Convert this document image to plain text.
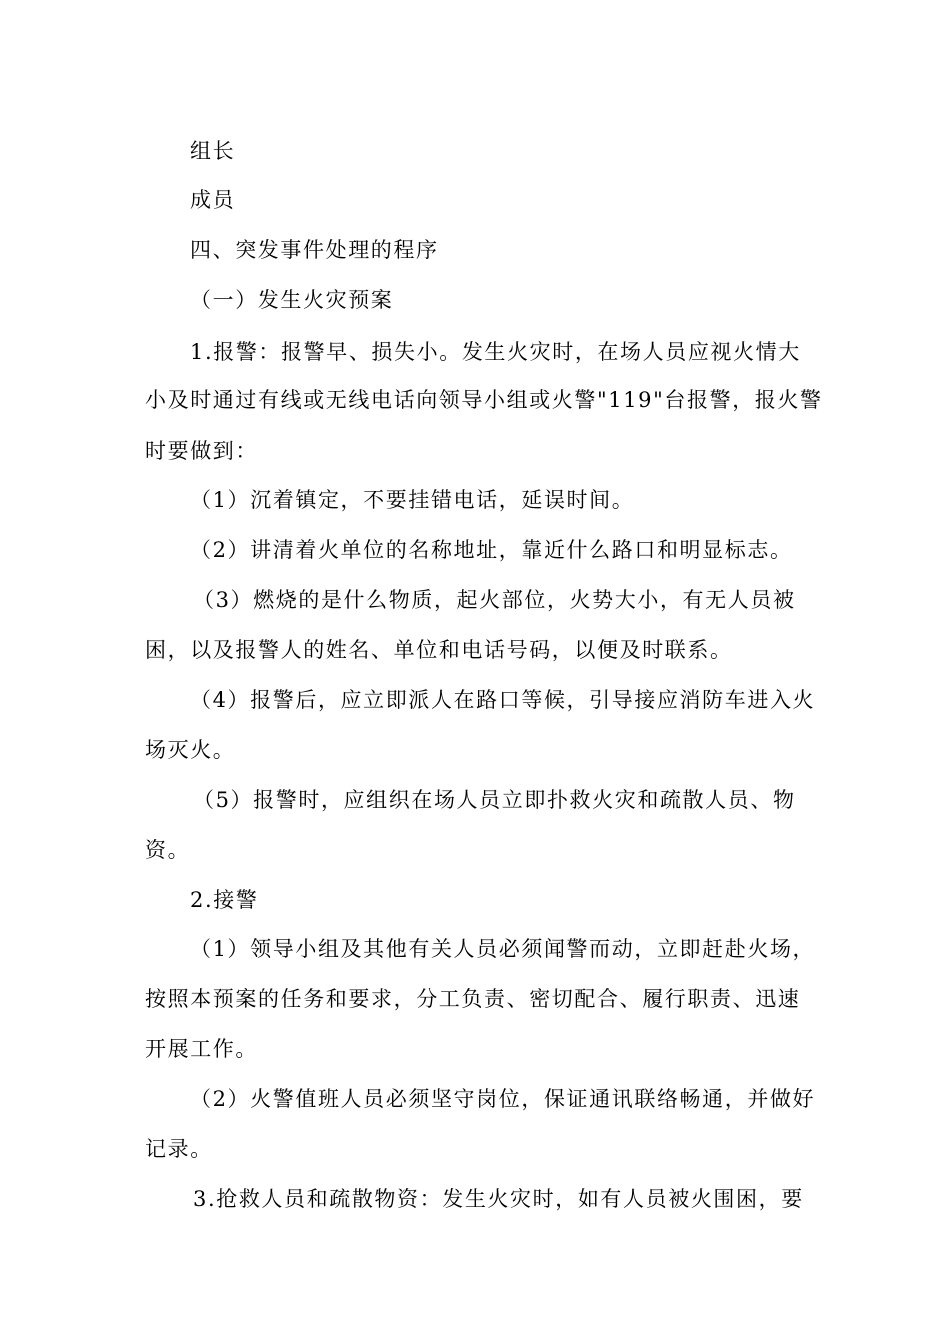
组长
成员
四、突发事件处理的程序
（一）发生火灾预案
1.报警：报警早、损失小。发生火灾时，在场人员应视火情大
小及时通过有线或无线电话向领导小组或火警"119"台报警，报火警
时要做到：
（1）沉着镇定，不要挂错电话，延误时间。
（2）讲清着火单位的名称地址，靠近什么路口和明显标志。
（3）燃烧的是什么物质，起火部位，火势大小，有无人员被
困，以及报警人的姓名、单位和电话号码，以便及时联系。
（4）报警后，应立即派人在路口等候，引导接应消防车进入火
场灭火。
（5）报警时，应组织在场人员立即扑救火灾和疏散人员、物
资。
2.接警
（1）领导小组及其他有关人员必须闻警而动，立即赶赴火场，
按照本预案的任务和要求，分工负责、密切配合、履行职责、迅速
开展工作。
（2）火警值班人员必须坚守岗位，保证通讯联络畅通，并做好
记录。
3.抢救人员和疏散物资：发生火灾时，如有人员被火围困，要
